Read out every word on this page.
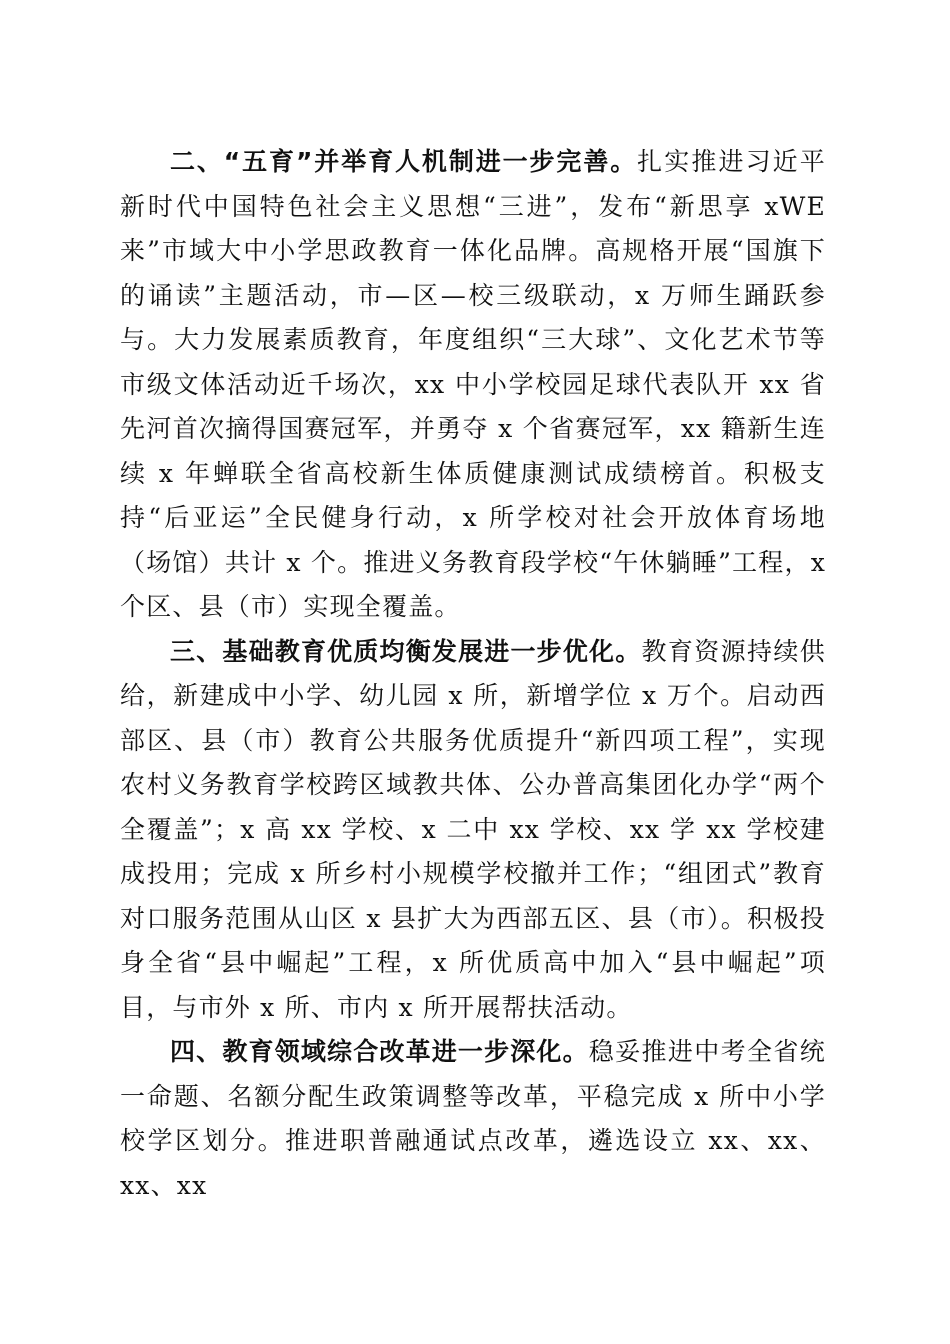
二、“五育”并举育人机制进一步完善。扎实推进习近平新时代中国特色社会主义思想“三进”，发布“新思享 xWE 来”市域大中小学思政教育一体化品牌。高规格开展“国旗下的诵读”主题活动，市—区—校三级联动，x 万师生踊跃参与。大力发展素质教育，年度组织“三大球”、文化艺术节等市级文体活动近千场次，xx 中小学校园足球代表队开 xx 省先河首次摘得国赛冠军，并勇夺 x 个省赛冠军，xx 籍新生连续 x 年蝉联全省高校新生体质健康测试成绩榜首。积极支持“后亚运”全民健身行动，x 所学校对社会开放体育场地（场馆）共计 x 个。推进义务教育段学校“午休躺睡”工程，x 个区、县（市）实现全覆盖。

三、基础教育优质均衡发展进一步优化。教育资源持续供给，新建成中小学、幼儿园 x 所，新增学位 x 万个。启动西部区、县（市）教育公共服务优质提升“新四项工程”，实现农村义务教育学校跨区域教共体、公办普高集团化办学“两个全覆盖”；x 高 xx 学校、x 二中 xx 学校、xx 学 xx 学校建成投用；完成 x 所乡村小规模学校撤并工作；“组团式”教育对口服务范围从山区 x 县扩大为西部五区、县（市）。积极投身全省“县中崛起”工程，x 所优质高中加入“县中崛起”项目，与市外 x 所、市内 x 所开展帮扶活动。

四、教育领域综合改革进一步深化。稳妥推进中考全省统一命题、名额分配生政策调整等改革，平稳完成 x 所中小学校学区划分。推进职普融通试点改革，遴选设立 xx、xx、xx、xx
